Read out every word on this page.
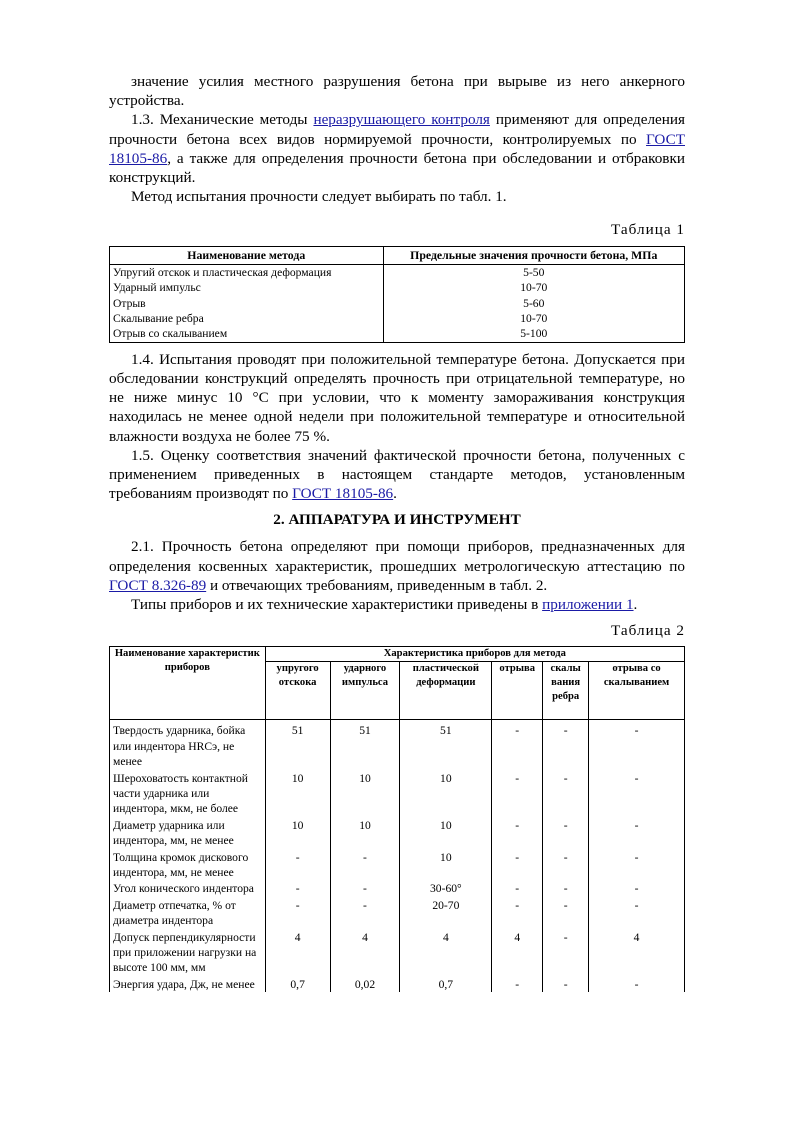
значение усилия местного разрушения бетона при вырыве из него анкерного устройства.

1.3. Механические методы неразрушающего контроля применяют для определения прочности бетона всех видов нормируемой прочности, контролируемых по ГОСТ 18105-86, а также для определения прочности бетона при обследовании и отбраковки конструкций.

Метод испытания прочности следует выбирать по табл. 1.

Таблица 1
Наименование метода	Предельные значения прочности бетона, МПа
Упругий отскок и пластическая деформация	5-50
Ударный импульс	10-70
Отрыв	5-60
Скалывание ребра	10-70
Отрыв со скалыванием	5-100

1.4. Испытания проводят при положительной температуре бетона. Допускается при обследовании конструкций определять прочность при отрицательной температуре, но не ниже минус 10 °С при условии, что к моменту замораживания конструкция находилась не менее одной недели при положительной температуре и относительной влажности воздуха не более 75 %.

1.5. Оценку соответствия значений фактической прочности бетона, полученных с применением приведенных в настоящем стандарте методов, установленным требованиям производят по ГОСТ 18105-86.

2. АППАРАТУРА И ИНСТРУМЕНТ

2.1. Прочность бетона определяют при помощи приборов, предназначенных для определения косвенных характеристик, прошедших метрологическую аттестацию по ГОСТ 8.326-89 и отвечающих требованиям, приведенным в табл. 2.

Типы приборов и их технические характеристики приведены в приложении 1.

Таблица 2
Наименование характеристик приборов	Характеристика приборов для метода					
	упругого отскока	ударного импульса	пластической деформации	отрыва	скалы вания ребра	отрыва со скалыванием
Твердость ударника, бойка или индентора HRCэ, не менее	51	51	51	-	-	-
Шероховатость контактной части ударника или индентора, мкм, не более	10	10	10	-	-	-
Диаметр ударника или индентора, мм, не менее	10	10	10	-	-	-
Толщина кромок дискового индентора, мм, не менее	-	-	10	-	-	-
Угол конического индентора	-	-	30-60°	-	-	-
Диаметр отпечатка, % от диаметра индентора	-	-	20-70	-	-	-
Допуск перпендикулярности при приложении нагрузки на высоте 100 мм, мм	4	4	4	4	-	4
Энергия удара, Дж, не менее	0,7	0,02	0,7	-	-	-
